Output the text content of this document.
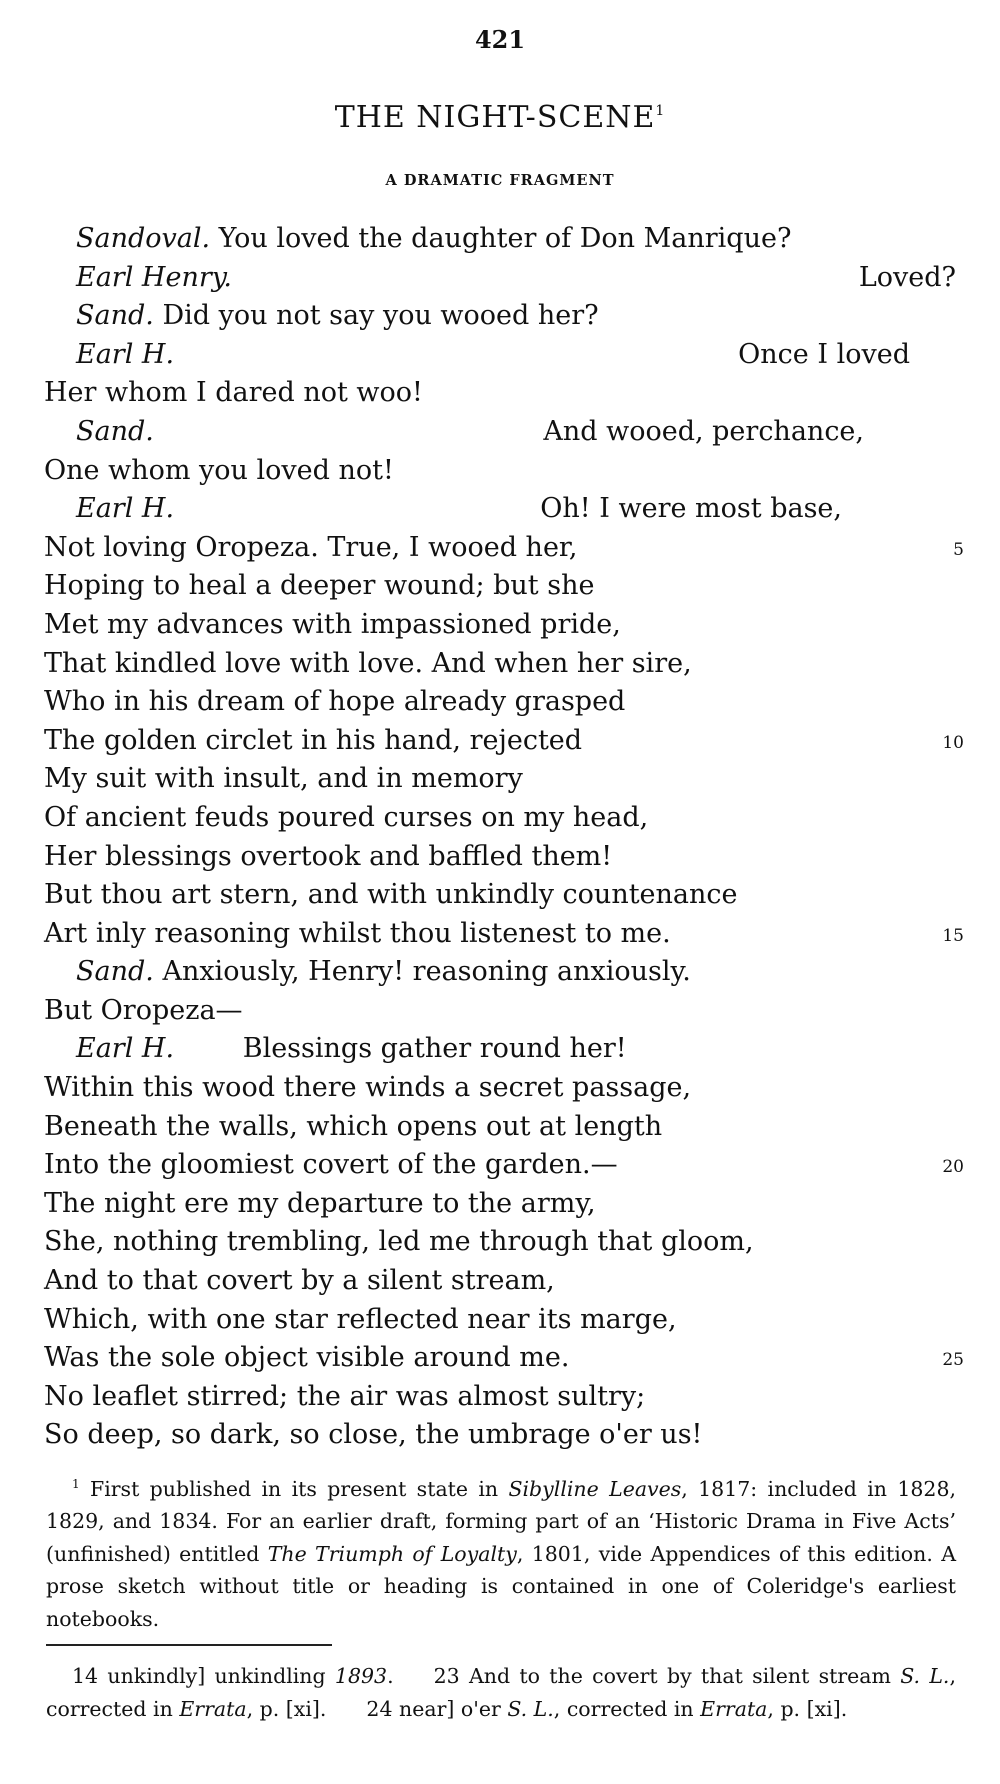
421
THE NIGHT-SCENE$^1$
A DRAMATIC FRAGMENT
Sandoval. You loved the daughter of Don Manrique?
Earl Henry.	Loved?
Sand. Did you not say you wooed her?
Earl H.	Once I loved
Her whom I dared not woo!
Sand.	And wooed, perchance,
One whom you loved not!
Earl H.	Oh! I were most base,
Not loving Oropeza. True, I wooed her,	5
Hoping to heal a deeper wound; but she
Met my advances with impassioned pride,
That kindled love with love. And when her sire,
Who in his dream of hope already grasped
The golden circlet in his hand, rejected	10
My suit with insult, and in memory
Of ancient feuds poured curses on my head,
Her blessings overtook and baffled them!
But thou art stern, and with unkindly countenance
Art inly reasoning whilst thou listenest to me.	15
Sand. Anxiously, Henry! reasoning anxiously.
But Oropeza—
Earl H.        Blessings gather round her!
Within this wood there winds a secret passage,
Beneath the walls, which opens out at length
Into the gloomiest covert of the garden.—	20
The night ere my departure to the army,
She, nothing trembling, led me through that gloom,
And to that covert by a silent stream,
Which, with one star reflected near its marge,
Was the sole object visible around me.	25
No leaflet stirred; the air was almost sultry;
So deep, so dark, so close, the umbrage o'er us!
$^1$ First published in its present state in Sibylline Leaves, 1817: included in 1828, 1829, and 1834. For an earlier draft, forming part of an ‘Historic Drama in Five Acts’ (unfinished) entitled The Triumph of Loyalty, 1801, vide Appendices of this edition. A prose sketch without title or heading is contained in one of Coleridge's earliest notebooks.
14 unkindly] unkindling 1893. 23 And to the covert by that silent stream S. L., corrected in Errata, p. [xi]. 24 near] o'er S. L., corrected in Errata, p. [xi].
